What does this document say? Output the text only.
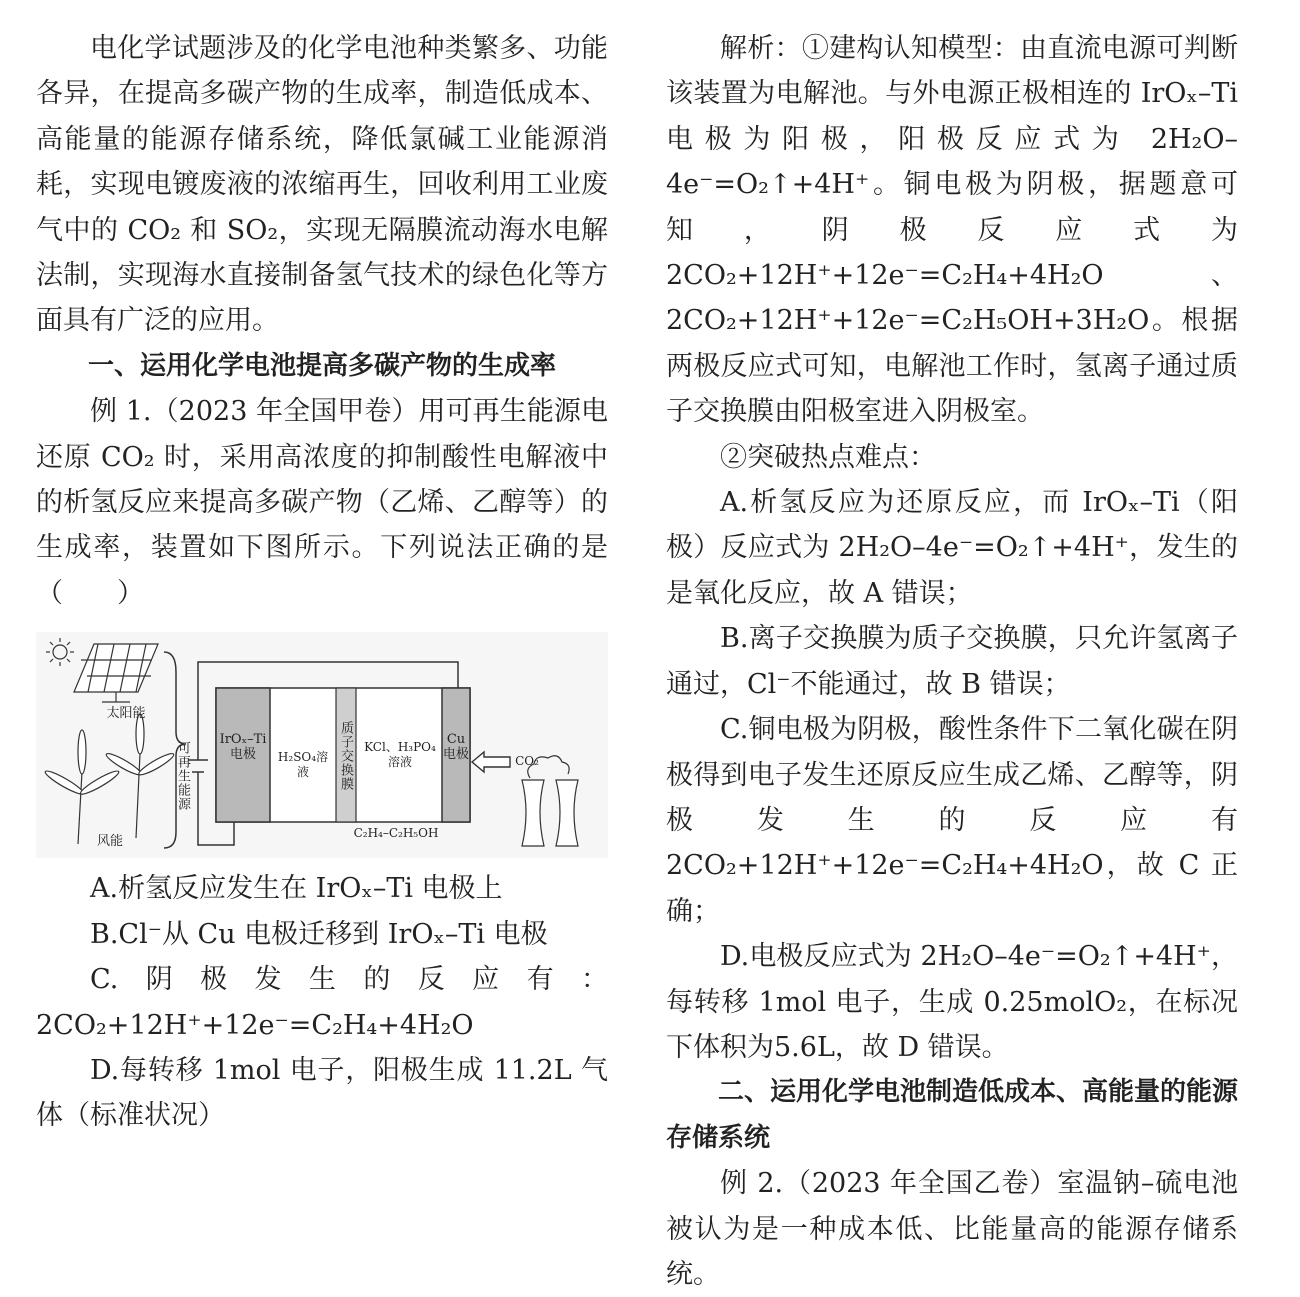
电化学试题涉及的化学电池种类繁多、功能各异，在提高多碳产物的生成率，制造低成本、高能量的能源存储系统，降低氯碱工业能源消耗，实现电镀废液的浓缩再生，回收利用工业废气中的 CO₂ 和 SO₂，实现无隔膜流动海水电解法制，实现海水直接制备氢气技术的绿色化等方面具有广泛的应用。

一、运用化学电池提高多碳产物的生成率

例 1.（2023 年全国甲卷）用可再生能源电还原 CO₂ 时，采用高浓度的抑制酸性电解液中的析氢反应来提高多碳产物（乙烯、乙醇等）的生成率，装置如下图所示。下列说法正确的是（　　）

太阳能
风能
可再生能源
IrOₓ–Ti 电极	H₂SO₄溶液	质子交换膜 KCl、H₃PO₄溶液
Cu 电极	CO₂
C₂H₄–C₂H₅OH

A.析氢反应发生在 IrOₓ–Ti 电极上

B.Cl⁻从 Cu 电极迁移到 IrOₓ–Ti 电极

C.阴极发生的反应有：2CO₂+12H⁺+12e⁻=C₂H₄+4H₂O

D.每转移 1mol 电子，阳极生成 11.2L 气体（标准状况）

解析：①建构认知模型：由直流电源可判断该装置为电解池。与外电源正极相连的 IrOₓ–Ti电极为阳极，阳极反应式为 2H₂O–4e⁻=O₂↑+4H⁺。铜电极为阴极，据题意可知，阴极反应式为2CO₂+12H⁺+12e⁻=C₂H₄+4H₂O、2CO₂+12H⁺+12e⁻=C₂H₅OH+3H₂O。根据两极反应式可知，电解池工作时，氢离子通过质子交换膜由阳极室进入阴极室。

②突破热点难点：

A.析氢反应为还原反应，而 IrOₓ–Ti（阳极）反应式为 2H₂O–4e⁻=O₂↑+4H⁺，发生的是氧化反应，故 A 错误；

B.离子交换膜为质子交换膜，只允许氢离子通过，Cl⁻不能通过，故 B 错误；

C.铜电极为阴极，酸性条件下二氧化碳在阴极得到电子发生还原反应生成乙烯、乙醇等，阴极发生的反应有 2CO₂+12H⁺+12e⁻=C₂H₄+4H₂O，故 C 正确；

D.电极反应式为 2H₂O–4e⁻=O₂↑+4H⁺，每转移 1mol 电子，生成 0.25molO₂，在标况下体积为5.6L，故 D 错误。

二、运用化学电池制造低成本、高能量的能源存储系统

例 2.（2023 年全国乙卷）室温钠–硫电池被认为是一种成本低、比能量高的能源存储系统。
